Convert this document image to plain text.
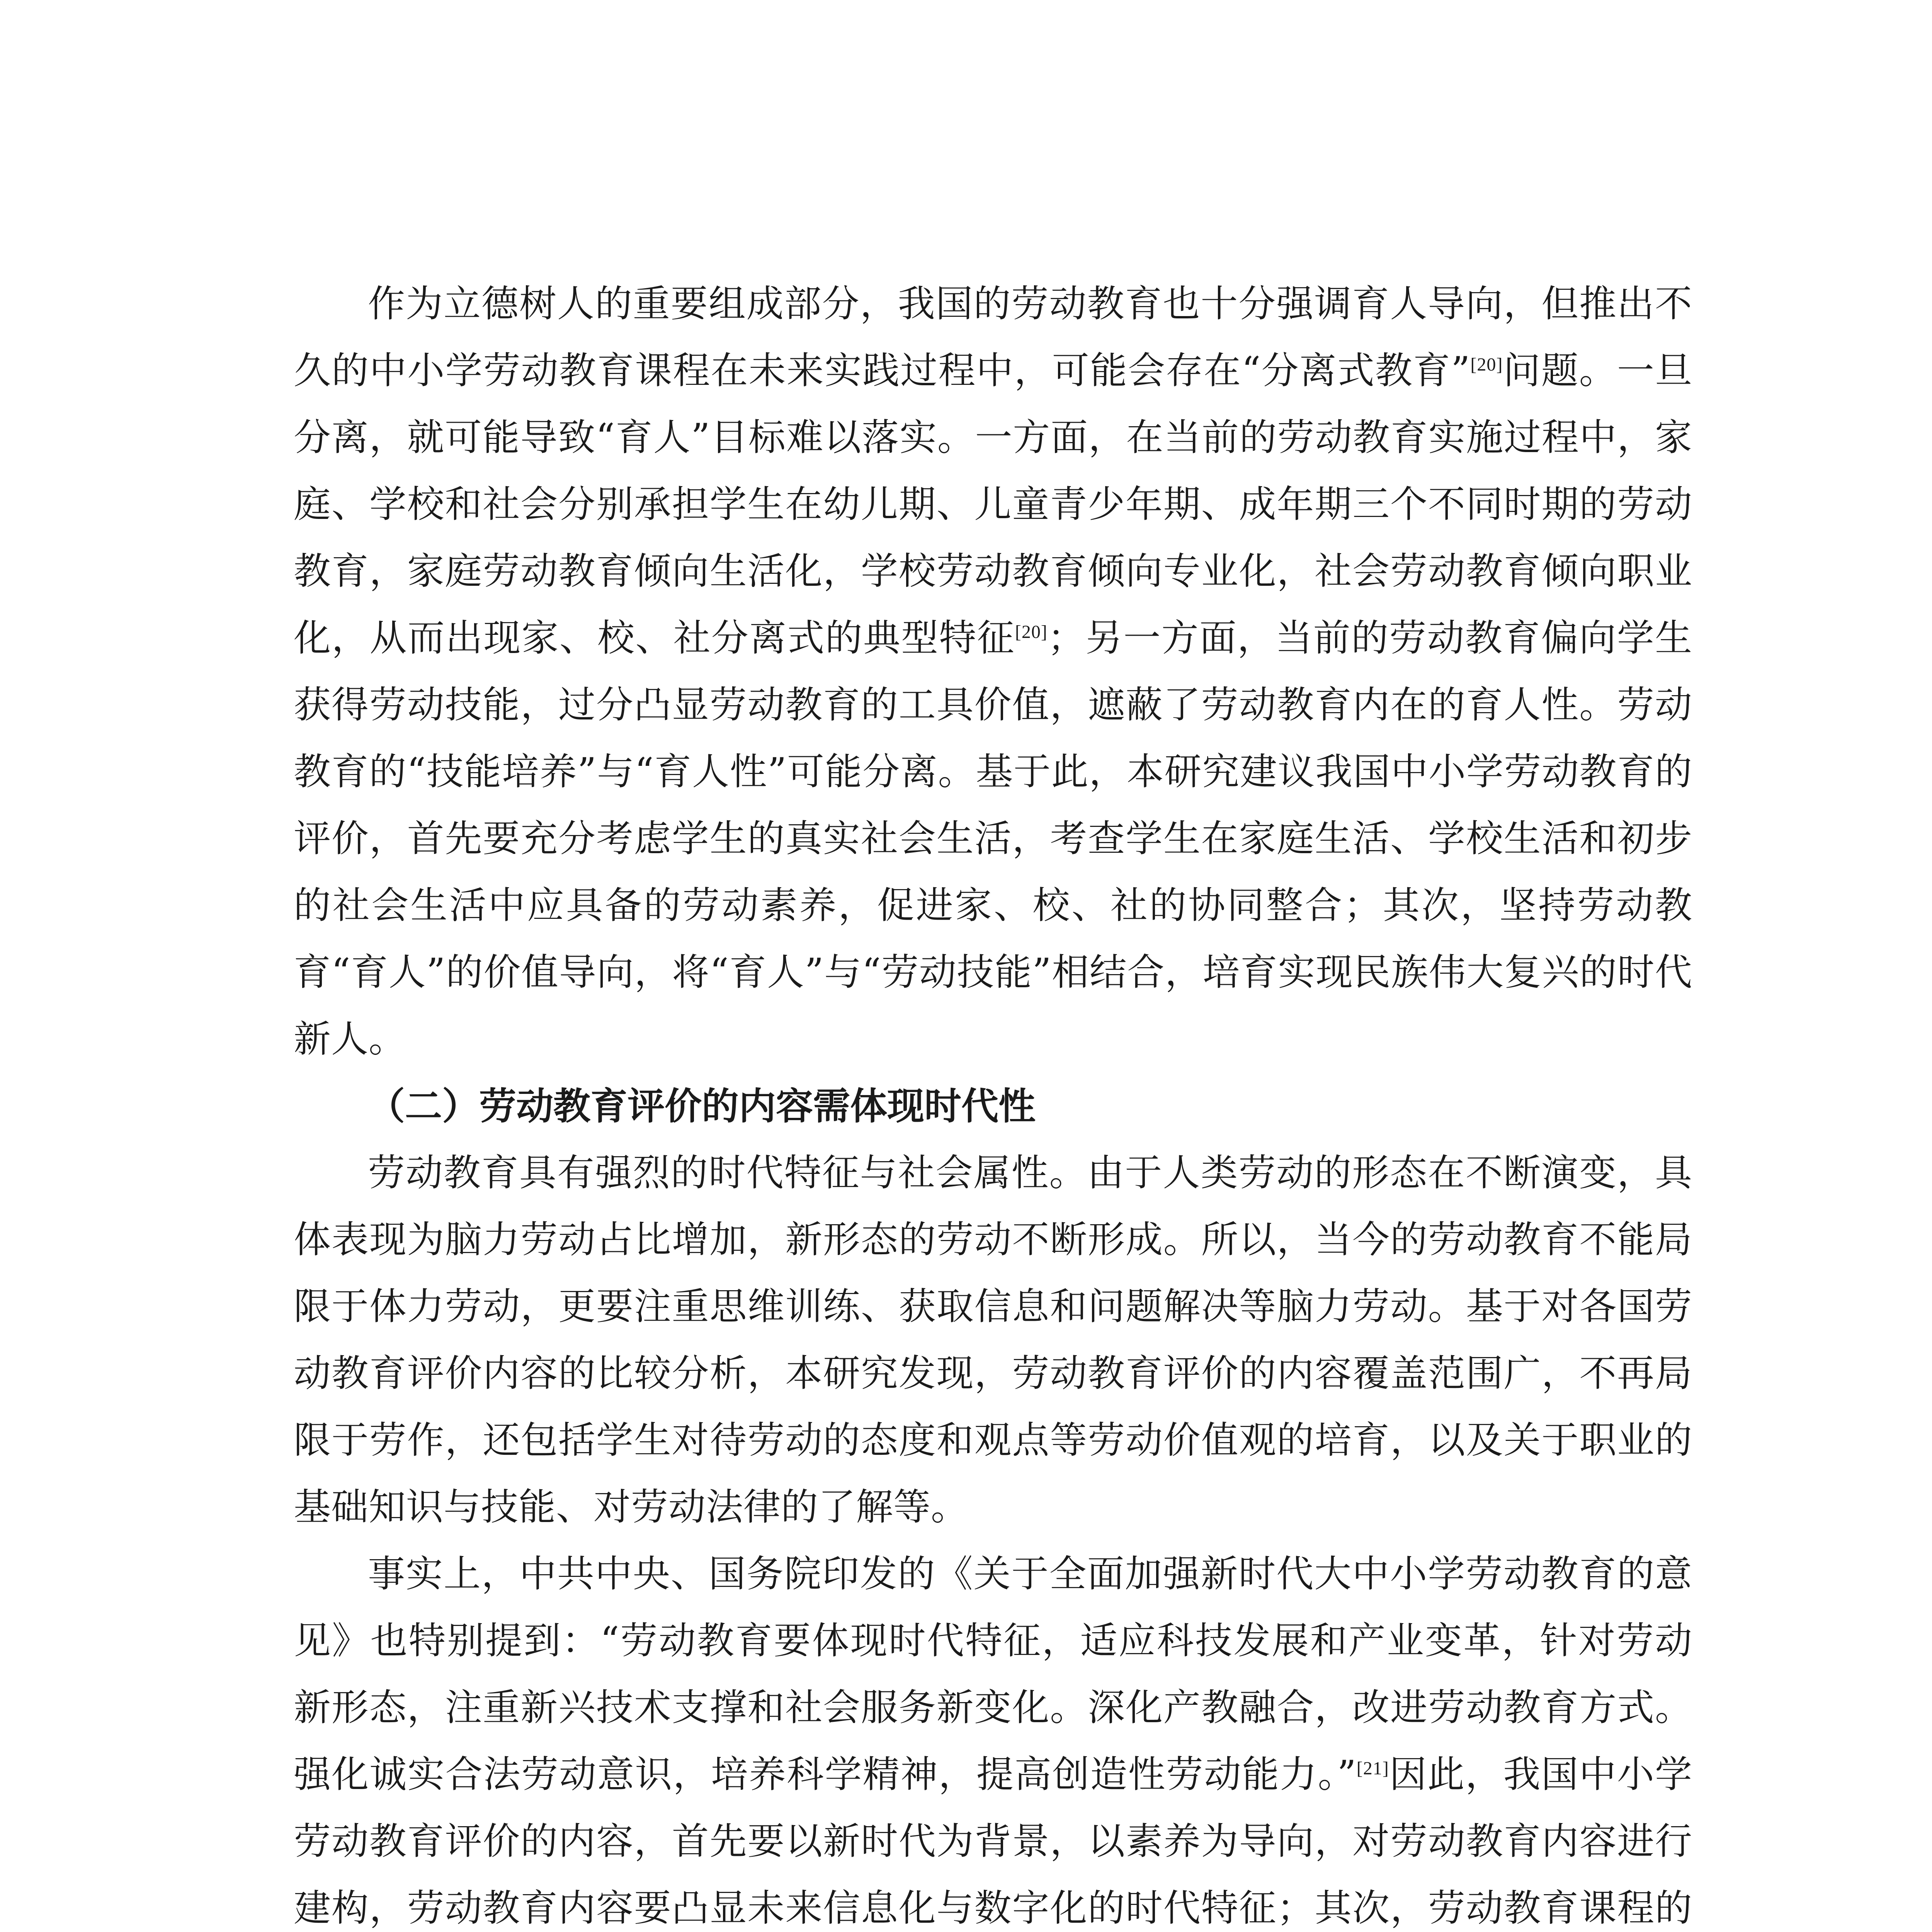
作为立德树人的重要组成部分，我国的劳动教育也十分强调育人导向，但推出不久的中小学劳动教育课程在未来实践过程中，可能会存在“分离式教育”[20]问题。一旦分离，就可能导致“育人”目标难以落实。一方面，在当前的劳动教育实施过程中，家庭、学校和社会分别承担学生在幼儿期、儿童青少年期、成年期三个不同时期的劳动教育，家庭劳动教育倾向生活化，学校劳动教育倾向专业化，社会劳动教育倾向职业化，从而出现家、校、社分离式的典型特征[20]；另一方面，当前的劳动教育偏向学生获得劳动技能，过分凸显劳动教育的工具价值，遮蔽了劳动教育内在的育人性。劳动教育的“技能培养”与“育人性”可能分离。基于此，本研究建议我国中小学劳动教育的评价，首先要充分考虑学生的真实社会生活，考查学生在家庭生活、学校生活和初步的社会生活中应具备的劳动素养，促进家、校、社的协同整合；其次，坚持劳动教育“育人”的价值导向，将“育人”与“劳动技能”相结合，培育实现民族伟大复兴的时代新人。

（二）劳动教育评价的内容需体现时代性

劳动教育具有强烈的时代特征与社会属性。由于人类劳动的形态在不断演变，具体表现为脑力劳动占比增加，新形态的劳动不断形成。所以，当今的劳动教育不能局限于体力劳动，更要注重思维训练、获取信息和问题解决等脑力劳动。基于对各国劳动教育评价内容的比较分析，本研究发现，劳动教育评价的内容覆盖范围广，不再局限于劳作，还包括学生对待劳动的态度和观点等劳动价值观的培育，以及关于职业的基础知识与技能、对劳动法律的了解等。

事实上，中共中央、国务院印发的《关于全面加强新时代大中小学劳动教育的意见》也特别提到：“劳动教育要体现时代特征，适应科技发展和产业变革，针对劳动新形态，注重新兴技术支撑和社会服务新变化。深化产教融合，改进劳动教育方式。强化诚实合法劳动意识，培养科学精神，提高创造性劳动能力。”[21]因此，我国中小学劳动教育评价的内容，首先要以新时代为背景，以素养为导向，对劳动教育内容进行建构，劳动教育内容要凸显未来信息化与数字化的时代特征；其次，劳动教育课程的
